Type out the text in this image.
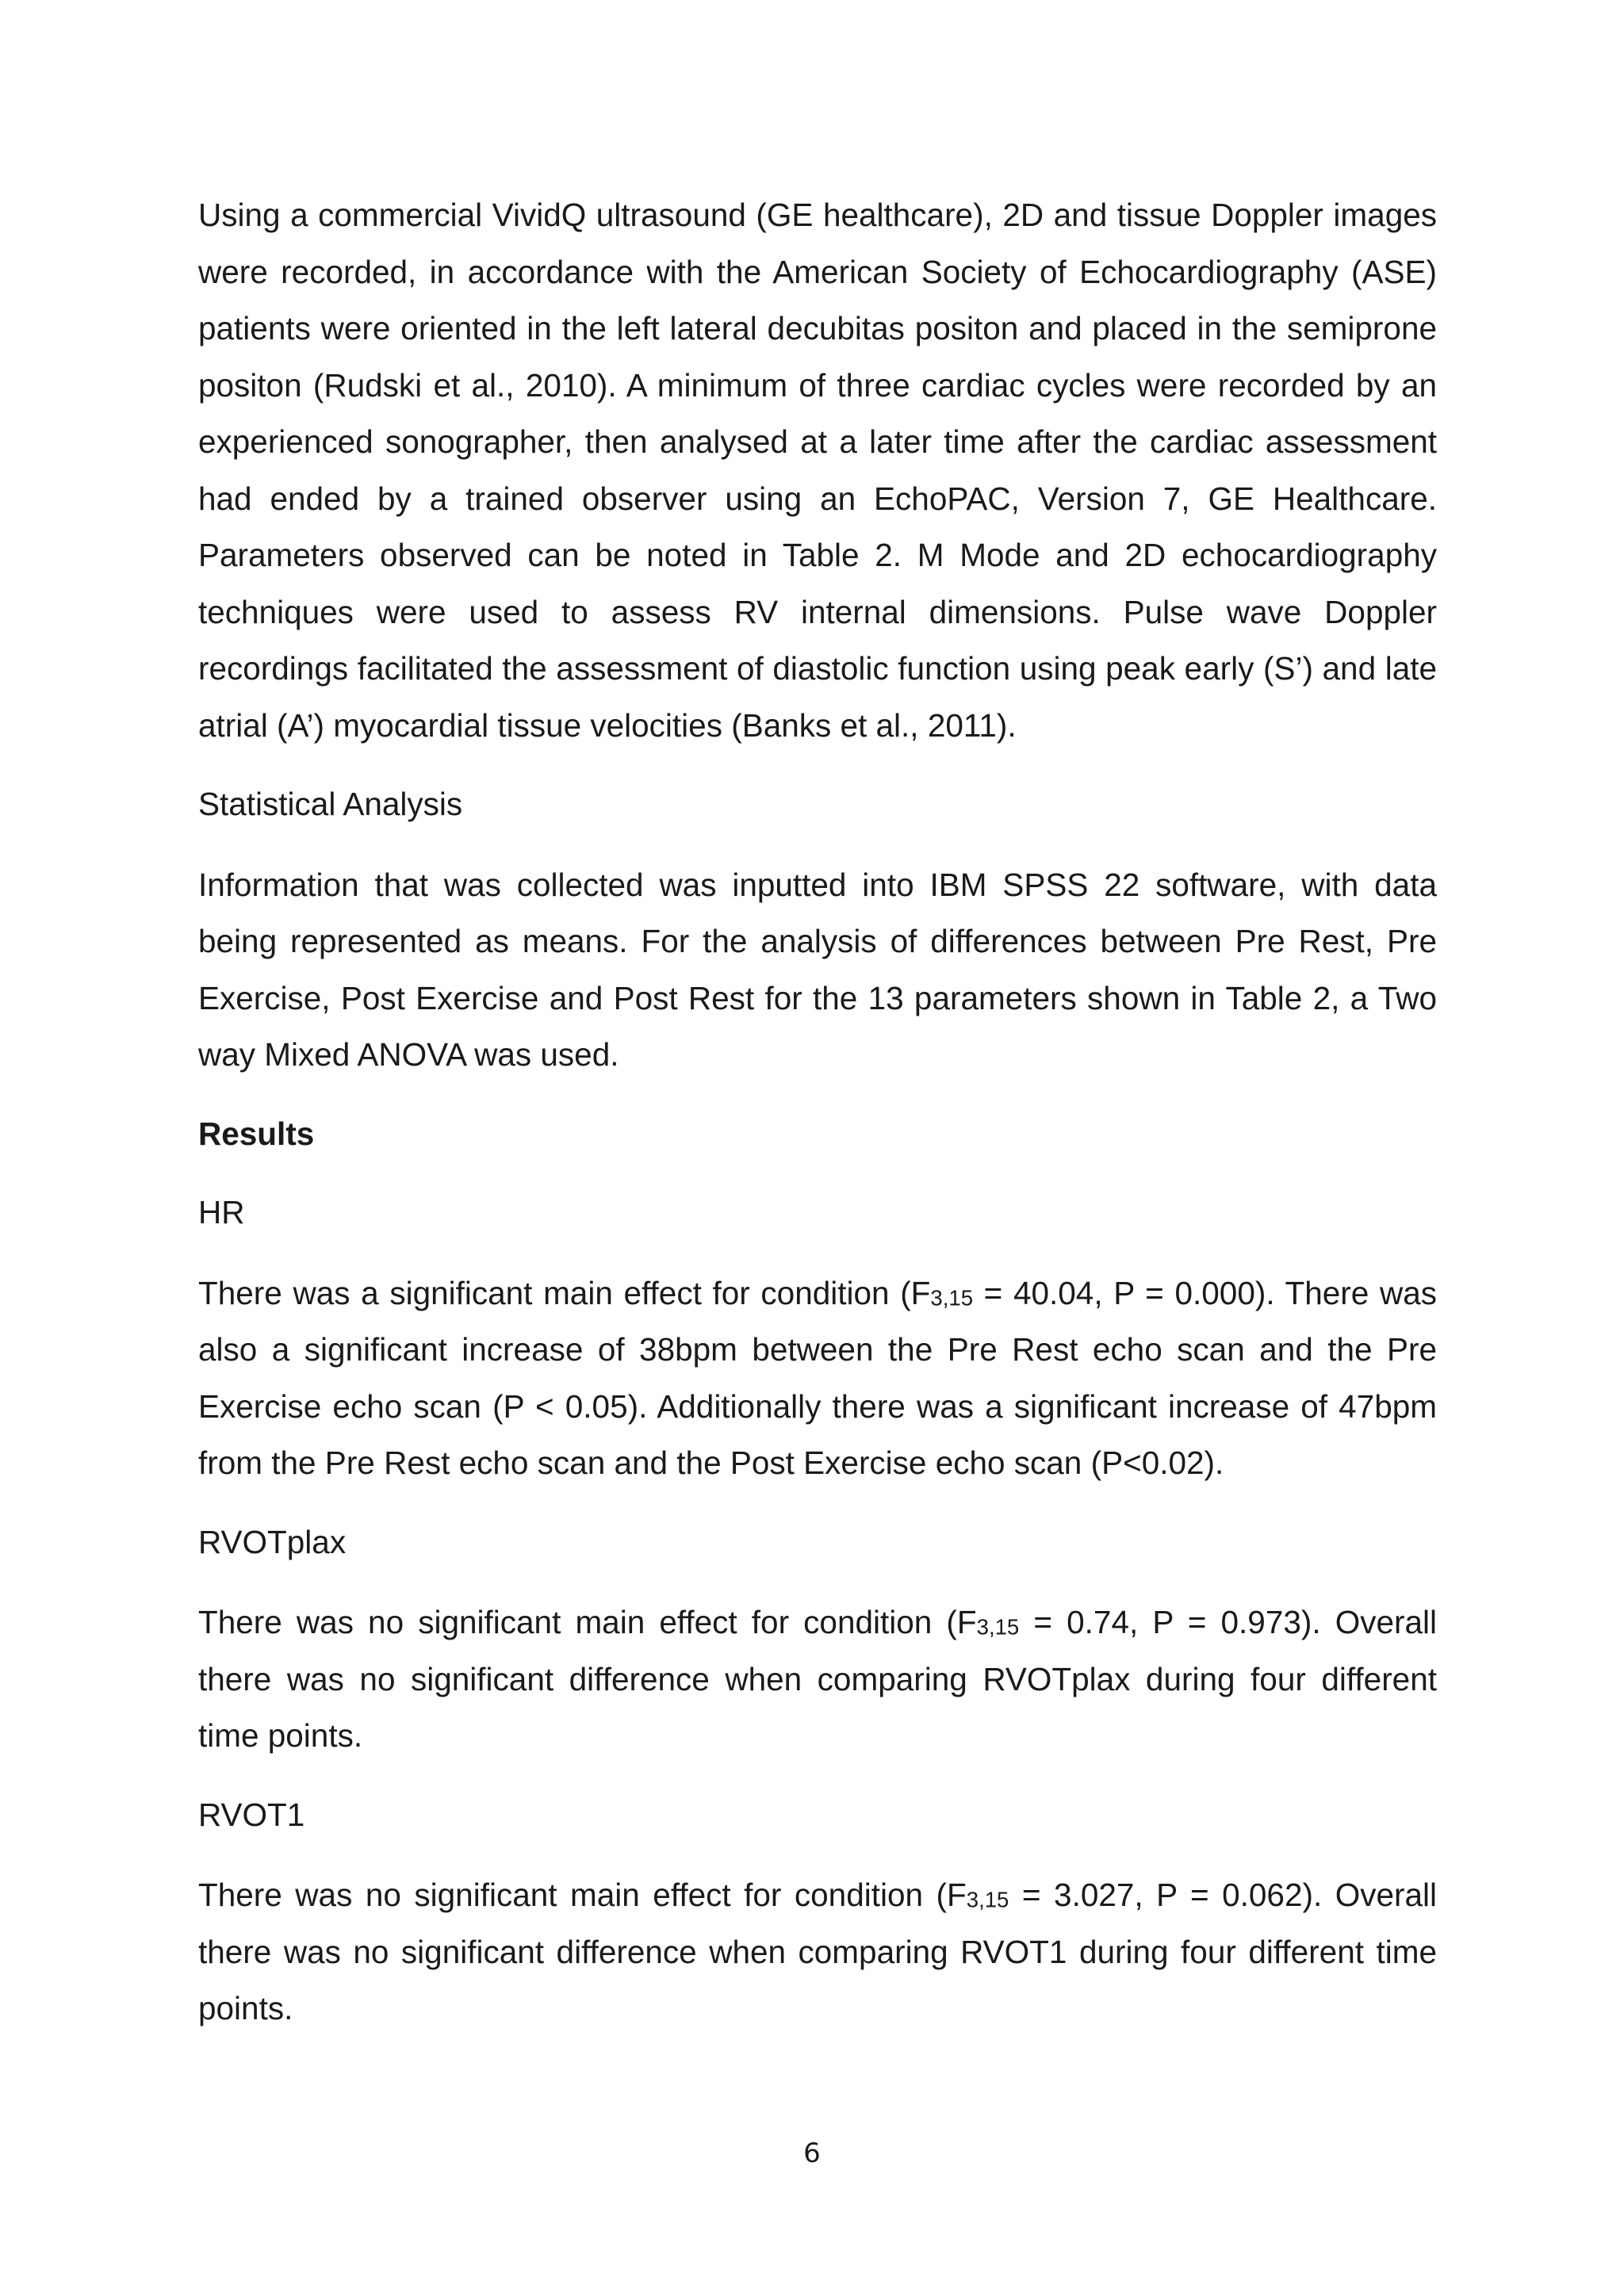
Using a commercial VividQ ultrasound (GE healthcare), 2D and tissue Doppler images were recorded, in accordance with the American Society of Echocardiography (ASE) patients were oriented in the left lateral decubitas positon and placed in the semiprone positon (Rudski et al., 2010). A minimum of three cardiac cycles were recorded by an experienced sonographer, then analysed at a later time after the cardiac assessment had ended by a trained observer using an EchoPAC, Version 7, GE Healthcare. Parameters observed can be noted in Table 2. M Mode and 2D echocardiography techniques were used to assess RV internal dimensions. Pulse wave Doppler recordings facilitated the assessment of diastolic function using peak early (S’) and late atrial (A’) myocardial tissue velocities (Banks et al., 2011).

Statistical Analysis

Information that was collected was inputted into IBM SPSS 22 software, with data being represented as means. For the analysis of differences between Pre Rest, Pre Exercise, Post Exercise and Post Rest for the 13 parameters shown in Table 2, a Two way Mixed ANOVA was used.

Results

HR

There was a significant main effect for condition ($F_{3,15} = 40.04$, P = 0.000). There was also a significant increase of 38bpm between the Pre Rest echo scan and the Pre Exercise echo scan (P < 0.05). Additionally there was a significant increase of 47bpm from the Pre Rest echo scan and the Post Exercise echo scan (P<0.02).

RVOTplax

There was no significant main effect for condition ($F_{3,15} = 0.74$, P = 0.973). Overall there was no significant difference when comparing RVOTplax during four different time points.

RVOT1

There was no significant main effect for condition ($F_{3,15} = 3.027$, P = 0.062). Overall there was no significant difference when comparing RVOT1 during four different time points.

6
